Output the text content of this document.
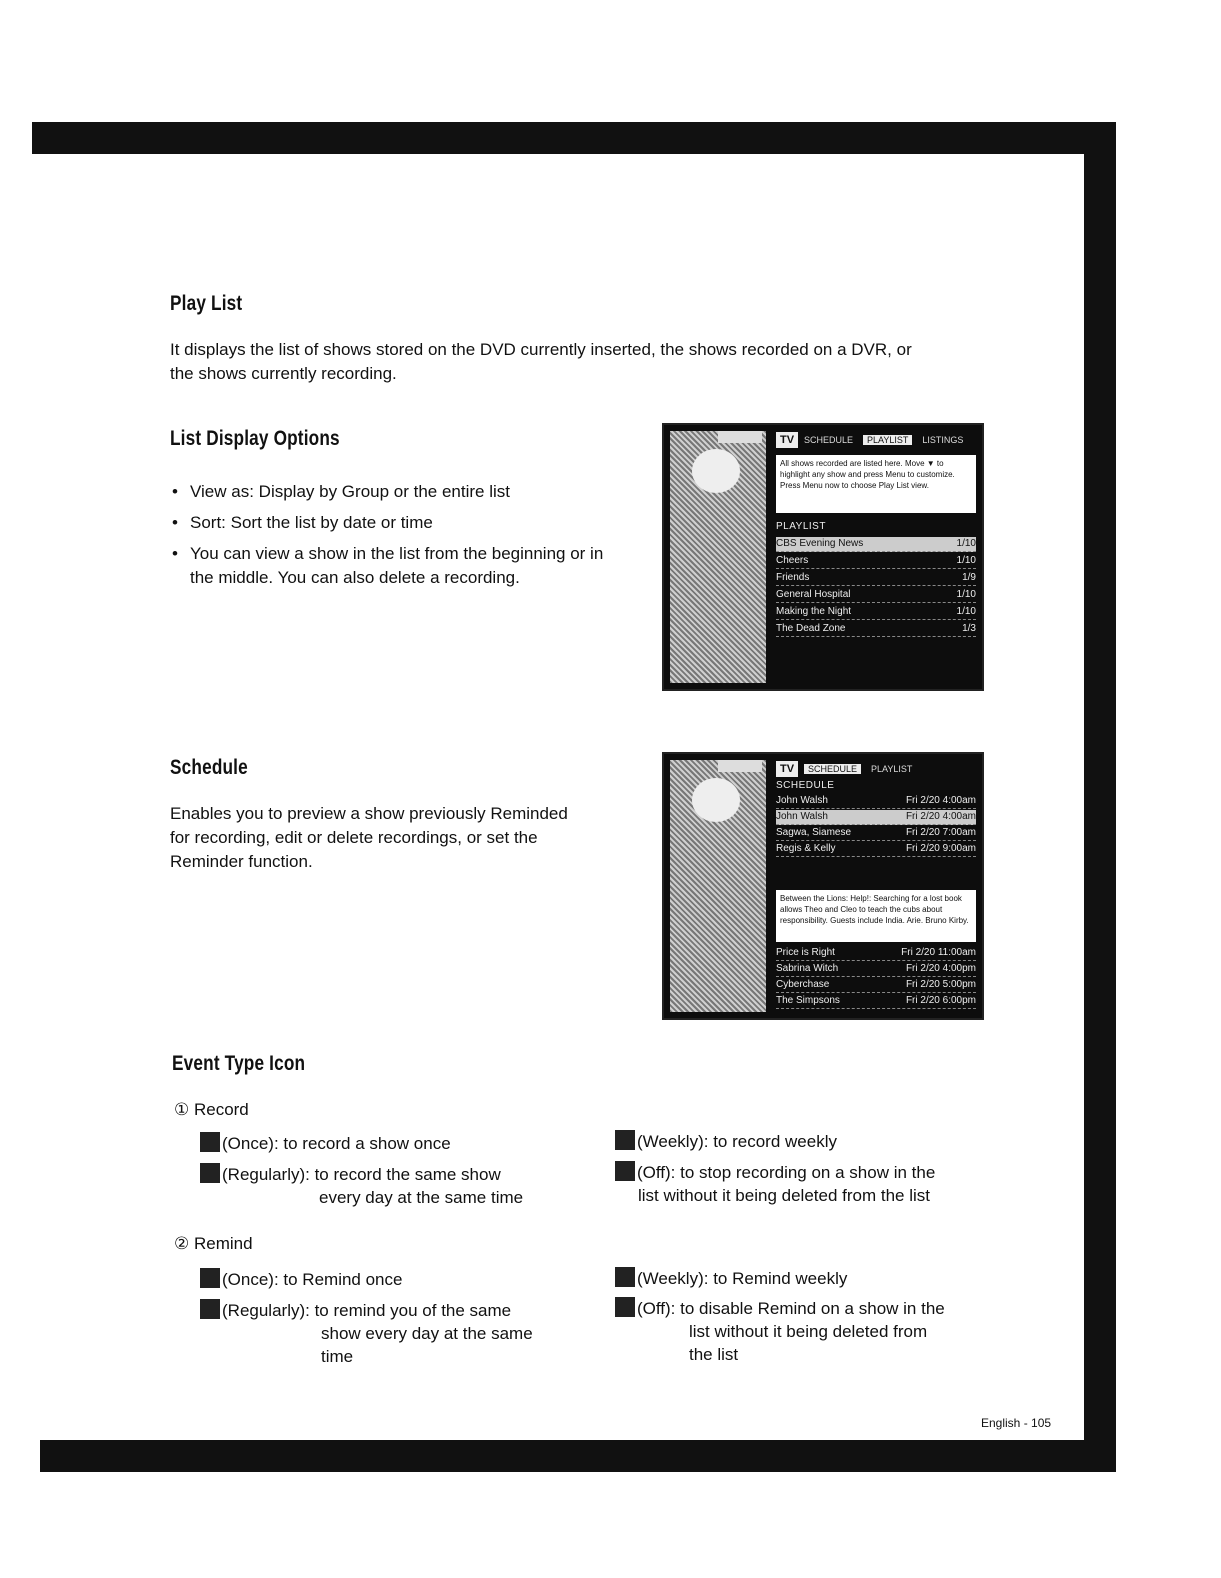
Play List
It displays the list of shows stored on the DVD currently inserted, the shows recorded on a DVR, or
the shows currently recording.
List Display Options
• View as: Display by Group or the entire list
• Sort: Sort the list by date or time
• You can view a show in the list from the beginning or in the middle. You can also delete a recording.
TV	SCHEDULE	PLAYLIST	LISTINGS
All shows recorded are listed here. Move ▼ to highlight any show and press Menu to customize. Press Menu now to choose Play List view.
PLAYLIST
CBS Evening News	1/10
Cheers	1/10
Friends	1/9
General Hospital	1/10
Making the Night	1/10
The Dead Zone	1/3
Schedule
Enables you to preview a show previously Reminded
for recording, edit or delete recordings, or set the
Reminder function.
TV	SCHEDULE	PLAYLIST
SCHEDULE
John Walsh	Fri 2/20 4:00am
John Walsh	Fri 2/20 4:00am
Sagwa, Siamese	Fri 2/20 7:00am
Regis & Kelly	Fri 2/20 9:00am
Between the Lions: Help!: Searching for a lost book allows Theo and Cleo to teach the cubs about responsibility. Guests include India. Arie. Bruno Kirby.
Price is Right	Fri 2/20 11:00am
Sabrina Witch	Fri 2/20 4:00pm
Cyberchase	Fri 2/20 5:00pm
The Simpsons	Fri 2/20 6:00pm
Event Type Icon
① Record
(Once): to record a show once
(Regularly): to record the same show
every day at the same time
(Weekly): to record weekly
(Off): to stop recording on a show in the
list without it being deleted from the list
② Remind
(Once): to Remind once
(Regularly): to remind you of the same
show every day at the same
time
(Weekly): to Remind weekly
(Off): to disable Remind on a show in the
list without it being deleted from
the list
English - 105
